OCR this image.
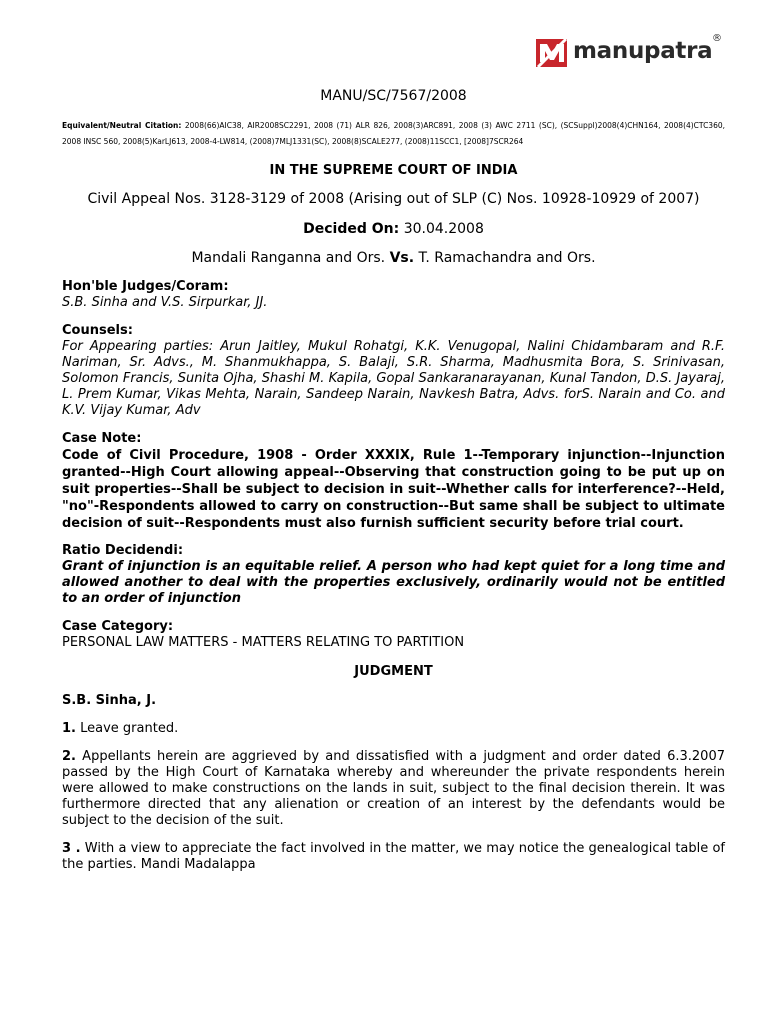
manupatra ®

MANU/SC/7567/2008

Equivalent/Neutral Citation: 2008(66)AIC38, AIR2008SC2291, 2008 (71) ALR 826, 2008(3)ARC891, 2008 (3) AWC 2711 (SC), (SCSuppl)2008(4)CHN164, 2008(4)CTC360, 2008 INSC 560, 2008(5)KarLJ613, 2008-4-LW814, (2008)7MLJ1331(SC), 2008(8)SCALE277, (2008)11SCC1, [2008]7SCR264

IN THE SUPREME COURT OF INDIA

Civil Appeal Nos. 3128-3129 of 2008 (Arising out of SLP (C) Nos. 10928-10929 of 2007)

Decided On: 30.04.2008

Mandali Ranganna and Ors. Vs. T. Ramachandra and Ors.

Hon'ble Judges/Coram:

S.B. Sinha and V.S. Sirpurkar, JJ.

Counsels:

For Appearing parties: Arun Jaitley, Mukul Rohatgi, K.K. Venugopal, Nalini Chidambaram and R.F. Nariman, Sr. Advs., M. Shanmukhappa, S. Balaji, S.R. Sharma, Madhusmita Bora, S. Srinivasan, Solomon Francis, Sunita Ojha, Shashi M. Kapila, Gopal Sankaranarayanan, Kunal Tandon, D.S. Jayaraj, L. Prem Kumar, Vikas Mehta, Narain, Sandeep Narain, Navkesh Batra, Advs. forS. Narain and Co. and K.V. Vijay Kumar, Adv

Case Note:

Code of Civil Procedure, 1908 - Order XXXIX, Rule 1--Temporary injunction--Injunction granted--High Court allowing appeal--Observing that construction going to be put up on suit properties--Shall be subject to decision in suit--Whether calls for interference?--Held, "no"-Respondents allowed to carry on construction--But same shall be subject to ultimate decision of suit--Respondents must also furnish sufficient security before trial court.

Ratio Decidendi:

Grant of injunction is an equitable relief. A person who had kept quiet for a long time and allowed another to deal with the properties exclusively, ordinarily would not be entitled to an order of injunction

Case Category:

PERSONAL LAW MATTERS - MATTERS RELATING TO PARTITION

JUDGMENT

S.B. Sinha, J.

1. Leave granted.

2. Appellants herein are aggrieved by and dissatisfied with a judgment and order dated 6.3.2007 passed by the High Court of Karnataka whereby and whereunder the private respondents herein were allowed to make constructions on the lands in suit, subject to the final decision therein. It was furthermore directed that any alienation or creation of an interest by the defendants would be subject to the decision of the suit.

3 . With a view to appreciate the fact involved in the matter, we may notice the genealogical table of the parties. Mandi Madalappa
